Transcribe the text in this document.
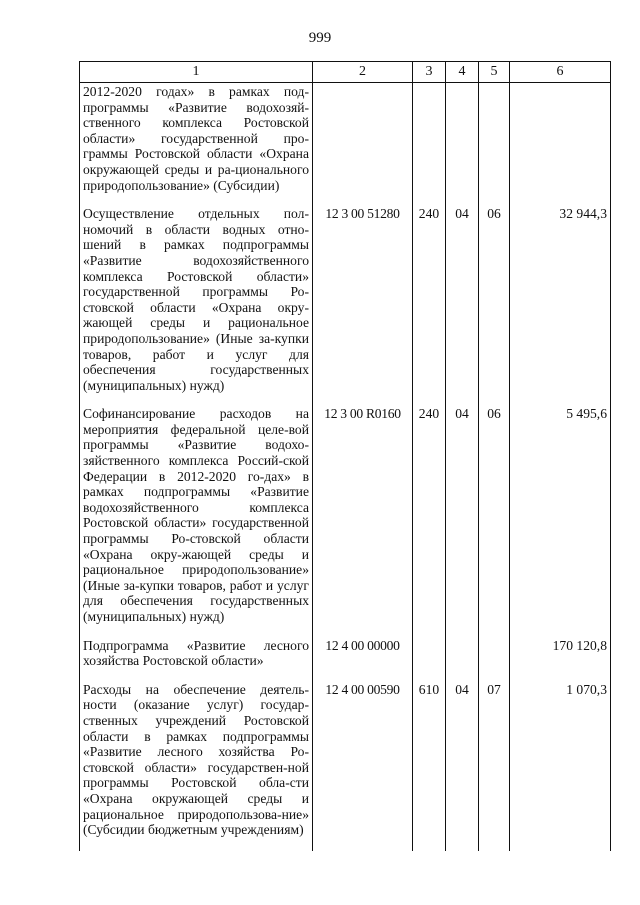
999
1	2	3	4	5	6
2012-2020 годах» в рамках под-программы «Развитие водохозяй-ственного комплекса Ростовской области» государственной про-граммы Ростовской области «Охрана окружающей среды и ра-ционального природопользование» (Субсидии)					
Осуществление отдельных пол-номочий в области водных отно-шений в рамках подпрограммы «Развитие водохозяйственного комплекса Ростовской области» государственной программы Ро-стовской области «Охрана окру-жающей среды и рациональное природопользование» (Иные за-купки товаров, работ и услуг для обеспечения государственных (муниципальных) нужд)	12 3 00 51280	240	04	06	32 944,3
Софинансирование расходов на мероприятия федеральной целе-вой программы «Развитие водохо-зяйственного комплекса Россий-ской Федерации в 2012-2020 го-дах» в рамках подпрограммы «Развитие водохозяйственного комплекса Ростовской области» государственной программы Ро-стовской области «Охрана окру-жающей среды и рациональное природопользование» (Иные за-купки товаров, работ и услуг для обеспечения государственных (муниципальных) нужд)	12 3 00 R0160	240	04	06	5 495,6
Подпрограмма «Развитие лесного хозяйства Ростовской области»	12 4 00 00000				170 120,8
Расходы на обеспечение деятель-ности (оказание услуг) государ-ственных учреждений Ростовской области в рамках подпрограммы «Развитие лесного хозяйства Ро-стовской области» государствен-ной программы Ростовской обла-сти «Охрана окружающей среды и рациональное природопользова-ние» (Субсидии бюджетным учреждениям)	12 4 00 00590	610	04	07	1 070,3
